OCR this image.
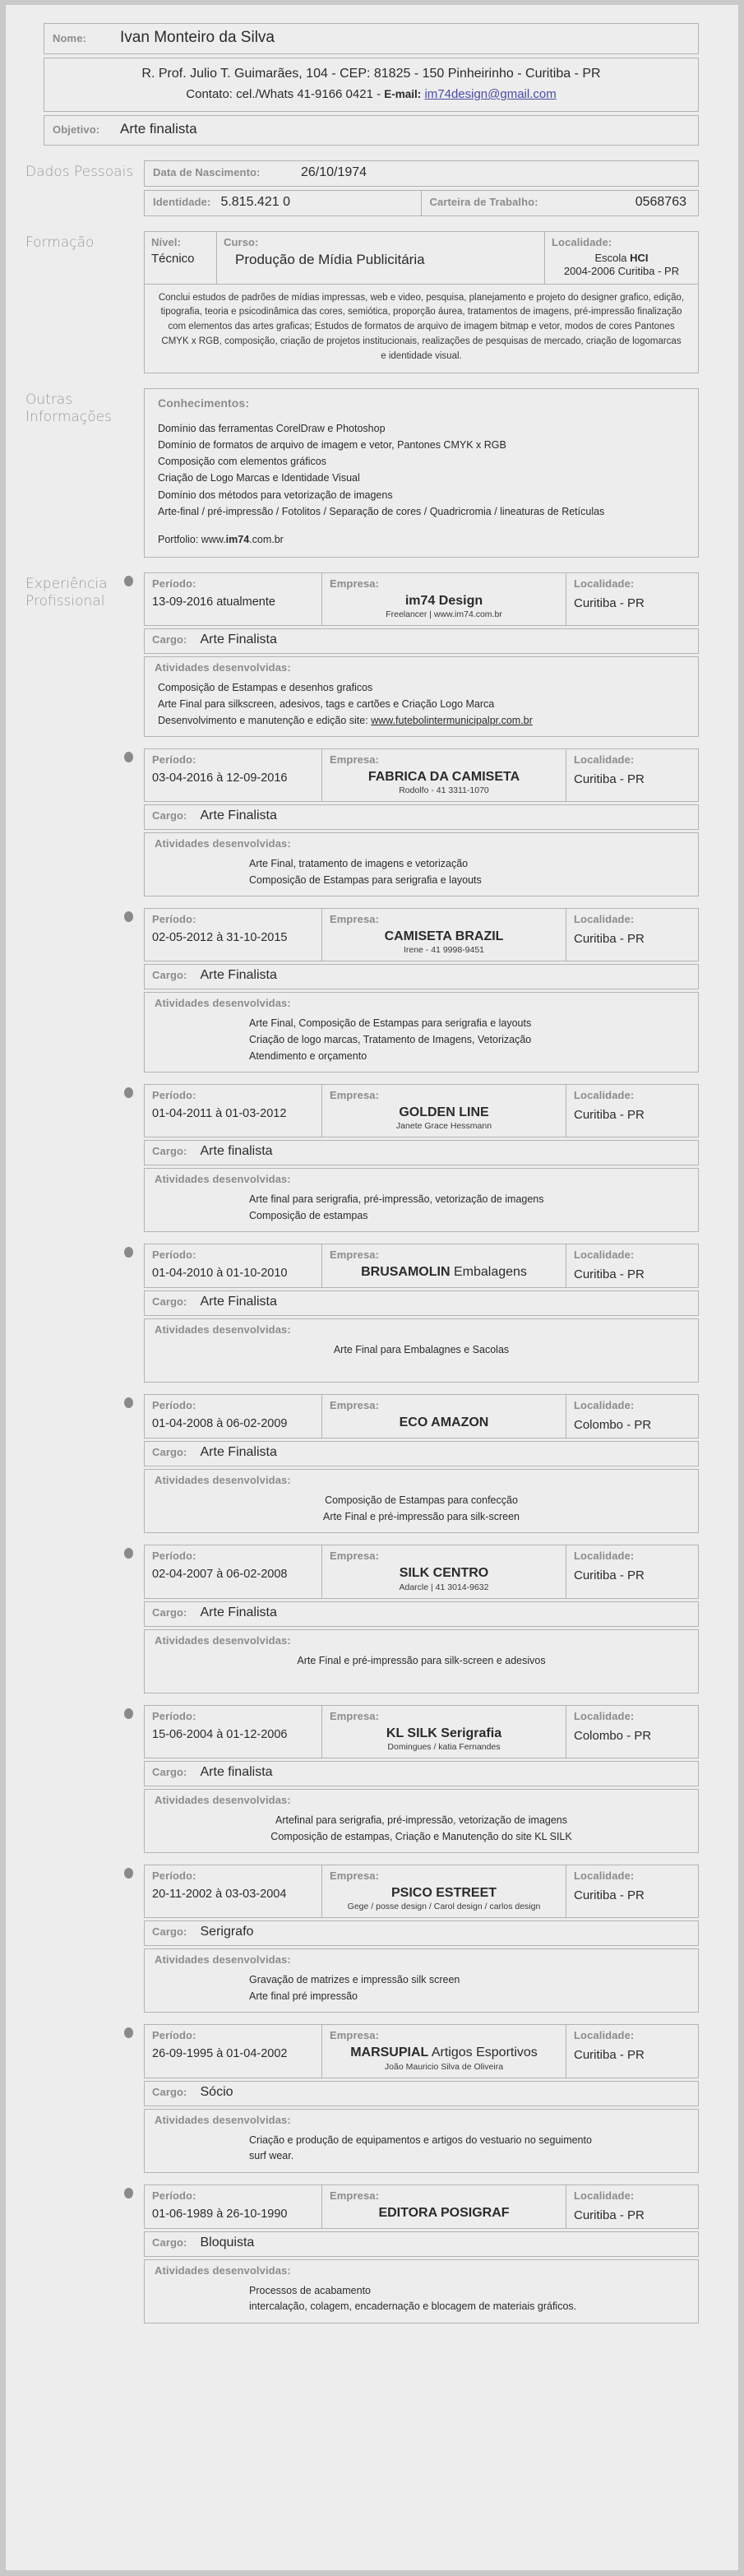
Nome:	Ivan Monteiro da Silva
R. Prof. Julio T. Guimarães, 104 - CEP: 81825 - 150 Pinheirinho - Curitiba - PR
Contato: cel./Whats 41-9166 0421 - E-mail: im74design@gmail.com
Objetivo:	Arte finalista
Dados Pessoais	Data de Nascimento:	26/10/1974
Identidade: 5.815.421 0	Carteira de Trabalho:	0568763
Formação	Nível:
Técnico
Curso:
Produção de Mídia Publicitária
Localidade:
Escola HCI
2004-2006 Curitiba - PR
Conclui estudos de padrões de mídias impressas, web e video, pesquisa, planejamento e projeto do designer grafico, edição, tipografia, teoria e psicodinâmica das cores, semiótica, proporção áurea, tratamentos de imagens, pré-impressão finalização com elementos das artes graficas; Estudos de formatos de arquivo de imagem bitmap e vetor, modos de cores Pantones CMYK x RGB, composição, criação de projetos institucionais, realizações de pesquisas de mercado, criação de logomarcas e identidade visual.
Outras
Informações
Conhecimentos:
Domínio das ferramentas CorelDraw e Photoshop
Domínio de formatos de arquivo de imagem e vetor, Pantones CMYK x RGB
Composição com elementos gráficos
Criação de Logo Marcas e Identidade Visual
Domínio dos métodos para vetorização de imagens
Arte-final / pré-impressão / Fotolitos / Separação de cores / Quadricromia / lineaturas de Retículas
Portfolio: www.im74.com.br
Experiência
Profissional
Período:
13-09-2016 atualmente
Empresa:
im74 Design
Freelancer | www.im74.com.br
Localidade:
Curitiba - PR
Cargo:	Arte Finalista
Atividades desenvolvidas:
Composição de Estampas e desenhos graficos
Arte Final para silkscreen, adesivos, tags e cartões e Criação Logo Marca
Desenvolvimento e manutenção e edição site: www.futebolintermunicipalpr.com.br
Período:
03-04-2016 à 12-09-2016
Empresa:
FABRICA DA CAMISETA
Rodolfo - 41 3311-1070
Localidade:
Curitiba - PR
Cargo:	Arte Finalista
Atividades desenvolvidas:
Arte Final, tratamento de imagens e vetorização
Composição de Estampas para serigrafia e layouts
Período:
02-05-2012 à 31-10-2015
Empresa:
CAMISETA BRAZIL
Irene - 41 9998-9451
Localidade:
Curitiba - PR
Cargo:	Arte Finalista
Atividades desenvolvidas:
Arte Final, Composição de Estampas para serigrafia e layouts
Criação de logo marcas, Tratamento de Imagens, Vetorização
Atendimento e orçamento
Período:
01-04-2011 à 01-03-2012
Empresa:
GOLDEN LINE
Janete Grace Hessmann
Localidade:
Curitiba - PR
Cargo:	Arte finalista
Atividades desenvolvidas:
Arte final para serigrafia, pré-impressão, vetorização de imagens
Composição de estampas
Período:
01-04-2010 à 01-10-2010
Empresa:
BRUSAMOLIN Embalagens
Localidade:
Curitiba - PR
Cargo:	Arte Finalista
Atividades desenvolvidas:
Arte Final para Embalagnes e Sacolas
Período:
01-04-2008 à 06-02-2009
Empresa:
ECO AMAZON
Localidade:
Colombo - PR
Cargo:	Arte Finalista
Atividades desenvolvidas:
Composição de Estampas para confecção
Arte Final e pré-impressão para silk-screen
Período:
02-04-2007 à 06-02-2008
Empresa:
SILK CENTRO
Adarcle | 41 3014-9632
Localidade:
Curitiba - PR
Cargo:	Arte Finalista
Atividades desenvolvidas:
Arte Final e pré-impressão para silk-screen e adesivos
Período:
15-06-2004 à 01-12-2006
Empresa:
KL SILK Serigrafia
Domingues / katia Fernandes
Localidade:
Colombo - PR
Cargo:	Arte finalista
Atividades desenvolvidas:
Artefinal para serigrafia, pré-impressão, vetorização de imagens
Composição de estampas, Criação e Manutenção do site KL SILK
Período:
20-11-2002 à 03-03-2004
Empresa:
PSICO ESTREET
Gege / posse design / Carol design / carlos design
Localidade:
Curitiba - PR
Cargo:	Serigrafo
Atividades desenvolvidas:
Gravação de matrizes e impressão silk screen
Arte final pré impressão
Período:
26-09-1995 à 01-04-2002
Empresa:
MARSUPIAL Artigos Esportivos
João Mauricio Silva de Oliveira
Localidade:
Curitiba - PR
Cargo:	Sócio
Atividades desenvolvidas:
Criação e produção de equipamentos e artigos do vestuario no seguimento
surf wear.
Período:
01-06-1989 à 26-10-1990
Empresa:
EDITORA POSIGRAF
Localidade:
Curitiba - PR
Cargo:	Bloquista
Atividades desenvolvidas:
Processos de acabamento
intercalação, colagem, encadernação e blocagem de materiais gráficos.
